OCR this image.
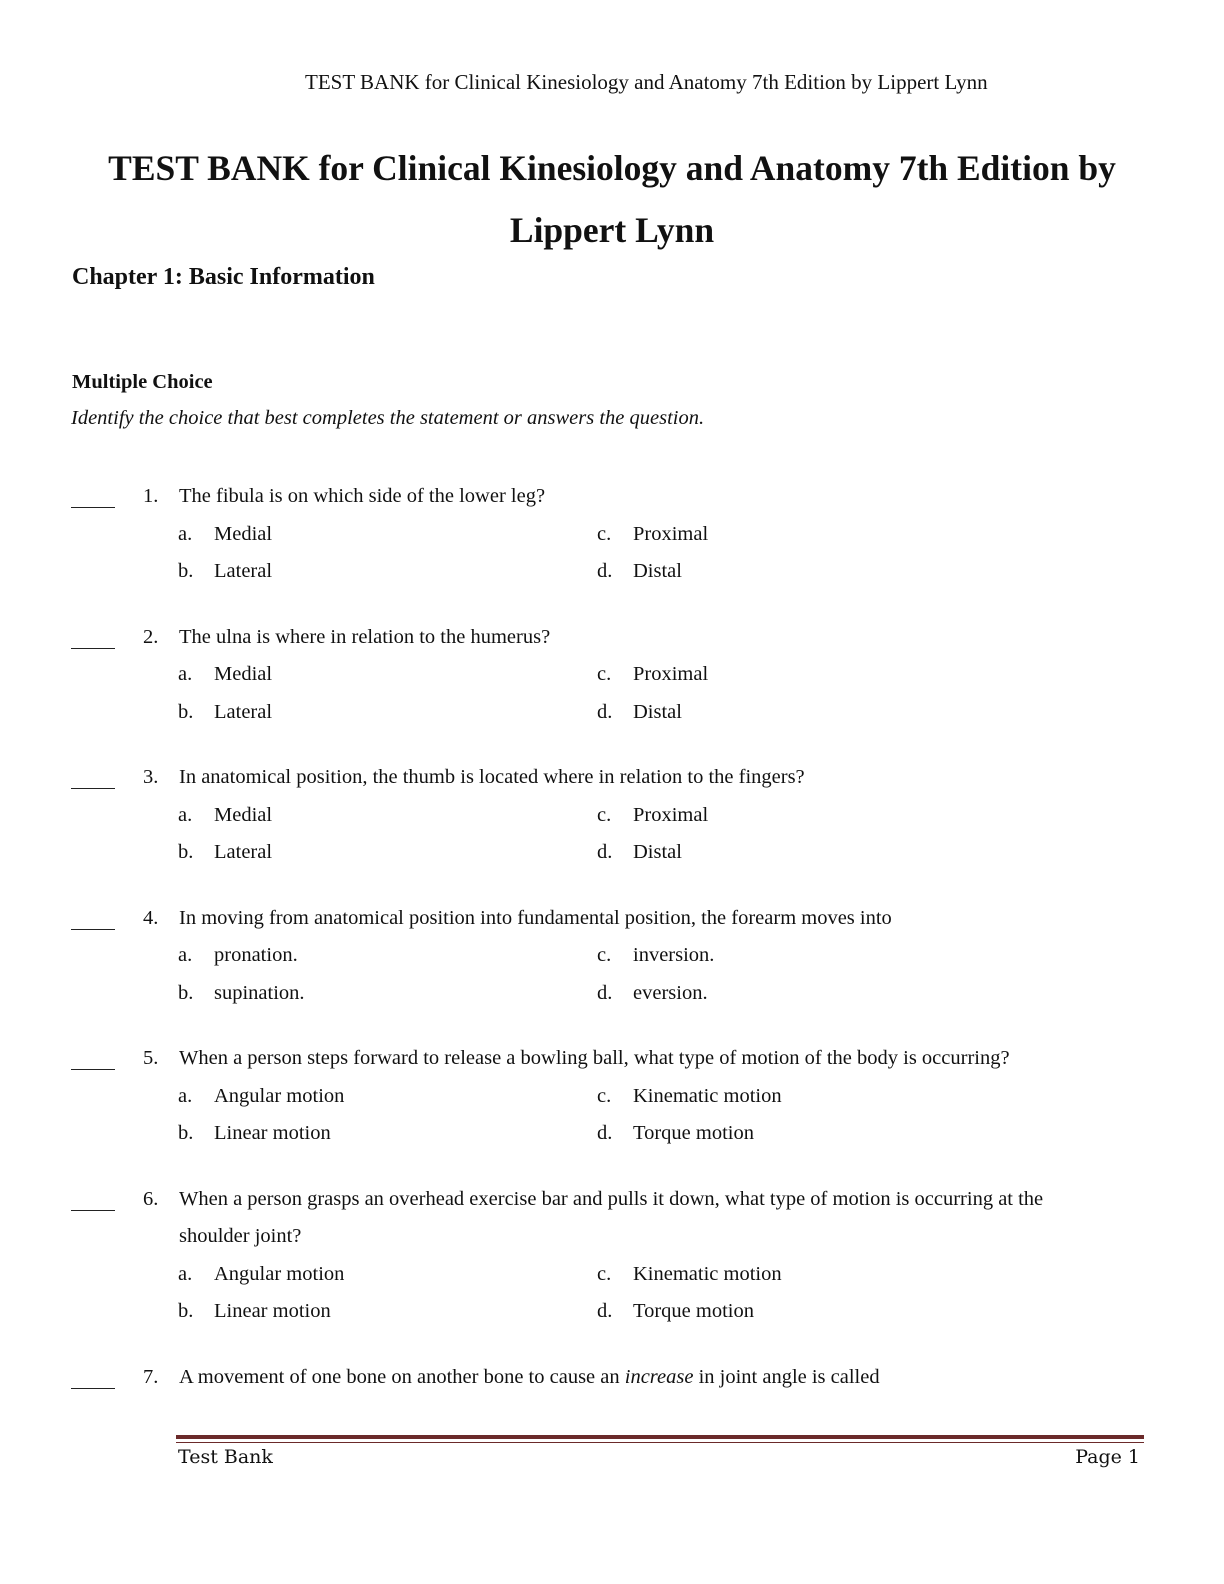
TEST BANK for Clinical Kinesiology and Anatomy 7th Edition by Lippert Lynn
TEST BANK for Clinical Kinesiology and Anatomy 7th Edition by
Lippert Lynn
Chapter 1: Basic Information
Multiple Choice
Identify the choice that best completes the statement or answers the question.
1. The fibula is on which side of the lower leg?
a. Medial	c. Proximal
b. Lateral	d. Distal
2. The ulna is where in relation to the humerus?
a. Medial	c. Proximal
b. Lateral	d. Distal
3. In anatomical position, the thumb is located where in relation to the fingers?
a. Medial	c. Proximal
b. Lateral	d. Distal
4. In moving from anatomical position into fundamental position, the forearm moves into
a. pronation.	c. inversion.
b. supination.	d. eversion.
5. When a person steps forward to release a bowling ball, what type of motion of the body is occurring?
a. Angular motion	c. Kinematic motion
b. Linear motion	d. Torque motion
6. When a person grasps an overhead exercise bar and pulls it down, what type of motion is occurring at the shoulder joint?
a. Angular motion	c. Kinematic motion
b. Linear motion	d. Torque motion
7. A movement of one bone on another bone to cause an increase in joint angle is called
Test Bank	Page 1
